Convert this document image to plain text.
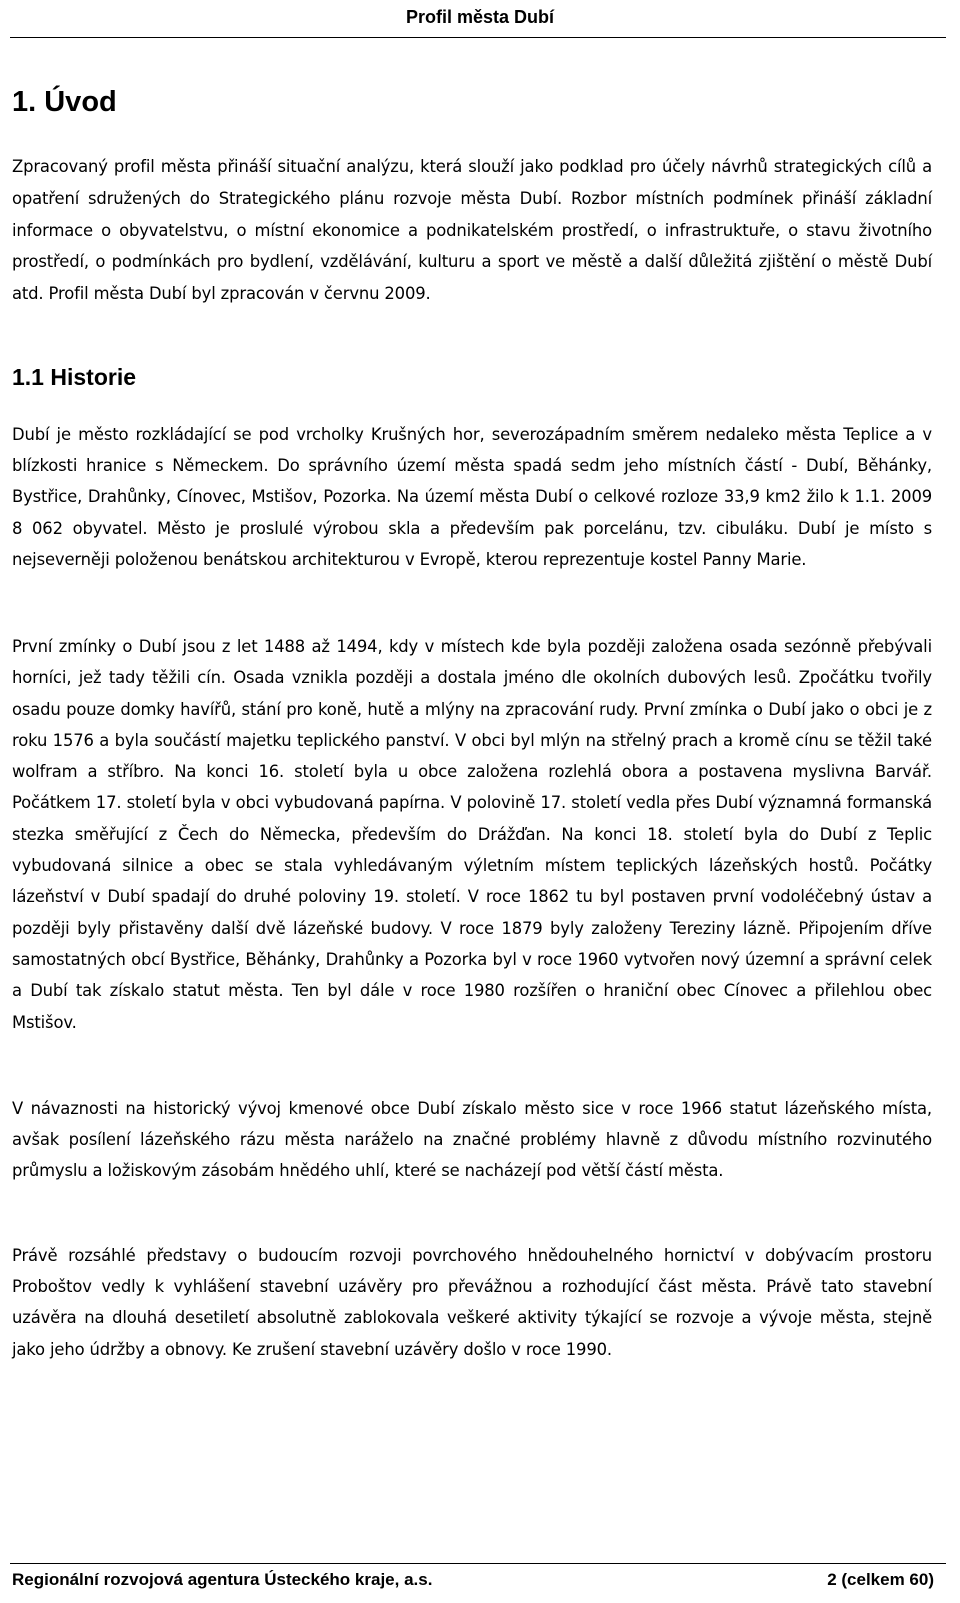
Profil města Dubí
1. Úvod

Zpracovaný profil města přináší situační analýzu, která slouží jako podklad pro účely návrhů strategických cílů a opatření sdružených do Strategického plánu rozvoje města Dubí. Rozbor místních podmínek přináší základní informace o obyvatelstvu, o místní ekonomice a podnikatelském prostředí, o infrastruktuře, o stavu životního prostředí, o podmínkách pro bydlení, vzdělávání, kulturu a sport ve městě a další důležitá zjištění o městě Dubí atd. Profil města Dubí byl zpracován v červnu 2009.

1.1 Historie

Dubí je město rozkládající se pod vrcholky Krušných hor, severozápadním směrem nedaleko města Teplice a v blízkosti hranice s Německem. Do správního území města spadá sedm jeho místních částí - Dubí, Běhánky, Bystřice, Drahůnky, Cínovec, Mstišov, Pozorka. Na území města Dubí o celkové rozloze 33,9 km2 žilo k 1.1. 2009 8 062 obyvatel. Město je proslulé výrobou skla a především pak porcelánu, tzv. cibuláku. Dubí je místo s nejseverněji položenou benátskou architekturou v Evropě, kterou reprezentuje kostel Panny Marie.

První zmínky o Dubí jsou z let 1488 až 1494, kdy v místech kde byla později založena osada sezónně přebývali horníci, jež tady těžili cín. Osada vznikla později a dostala jméno dle okolních dubových lesů. Zpočátku tvořily osadu pouze domky havířů, stání pro koně, hutě a mlýny na zpracování rudy. První zmínka o Dubí jako o obci je z roku 1576 a byla součástí majetku teplického panství. V obci byl mlýn na střelný prach a kromě cínu se těžil také wolfram a stříbro. Na konci 16. století byla u obce založena rozlehlá obora a postavena myslivna Barvář. Počátkem 17. století byla v obci vybudovaná papírna. V polovině 17. století vedla přes Dubí významná formanská stezka směřující z Čech do Německa, především do Drážďan. Na konci 18. století byla do Dubí z Teplic vybudovaná silnice a obec se stala vyhledávaným výletním místem teplických lázeňských hostů. Počátky lázeňství v Dubí spadají do druhé poloviny 19. století. V roce 1862 tu byl postaven první vodoléčebný ústav a později byly přistavěny další dvě lázeňské budovy. V roce 1879 byly založeny Tereziny lázně. Připojením dříve samostatných obcí Bystřice, Běhánky, Drahůnky a Pozorka byl v roce 1960 vytvořen nový územní a správní celek a Dubí tak získalo statut města. Ten byl dále v roce 1980 rozšířen o hraniční obec Cínovec a přilehlou obec Mstišov.

V návaznosti na historický vývoj kmenové obce Dubí získalo město sice v roce 1966 statut lázeňského místa, avšak posílení lázeňského rázu města naráželo na značné problémy hlavně z důvodu místního rozvinutého průmyslu a ložiskovým zásobám hnědého uhlí, které se nacházejí pod větší částí města.

Právě rozsáhlé představy o budoucím rozvoji povrchového hnědouhelného hornictví v dobývacím prostoru Proboštov vedly k vyhlášení stavební uzávěry pro převážnou a rozhodující část města. Právě tato stavební uzávěra na dlouhá desetiletí absolutně zablokovala veškeré aktivity týkající se rozvoje a vývoje města, stejně jako jeho údržby a obnovy. Ke zrušení stavební uzávěry došlo v roce 1990.

Regionální rozvojová agentura Ústeckého kraje, a.s.	2 (celkem 60)
